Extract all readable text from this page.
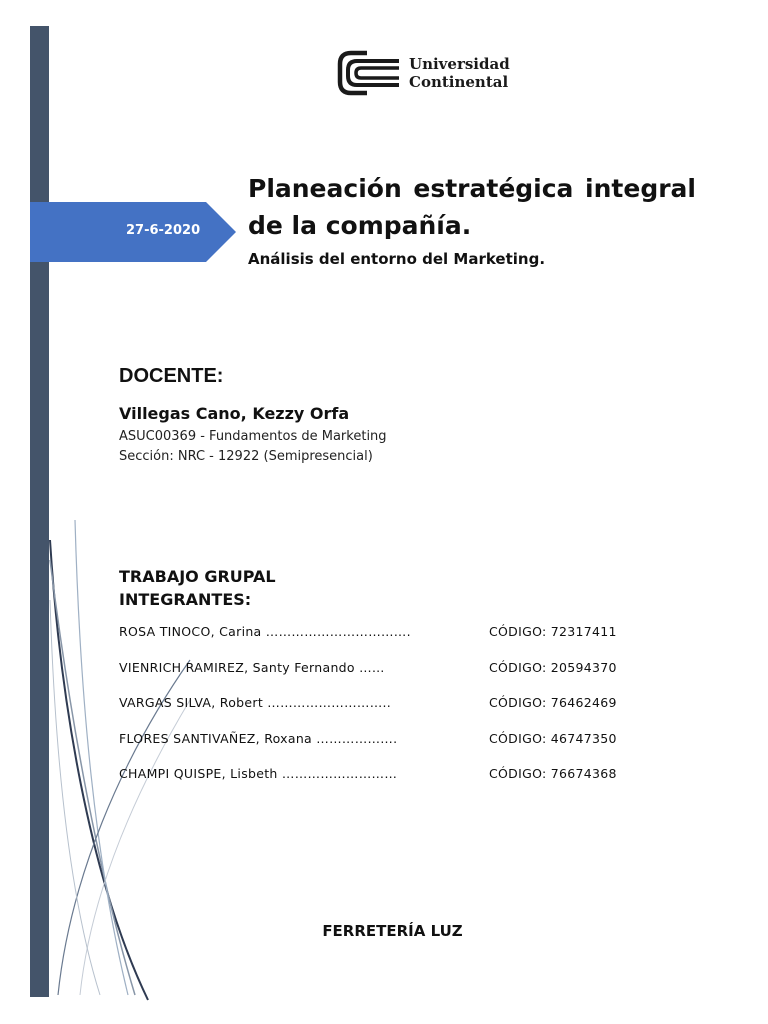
Universidad
Continental
27-6-2020
Planeación estratégica integral de la compañía.

Análisis del entorno del Marketing.

DOCENTE:

Villegas Cano, Kezzy Orfa

ASUC00369 - Fundamentos de Marketing

Sección: NRC - 12922 (Semipresencial)

TRABAJO GRUPAL
INTEGRANTES:
ROSA TINOCO, Carina …………………………….	CÓDIGO: 72317411
VIENRICH RAMIREZ, Santy Fernando ……	CÓDIGO: 20594370
VARGAS SILVA, Robert ………………………..	CÓDIGO: 76462469
FLORES SANTIVAÑEZ, Roxana ……………….	CÓDIGO: 46747350
CHAMPI QUISPE, Lisbeth ………………………	CÓDIGO: 76674368

FERRETERÍA LUZ
